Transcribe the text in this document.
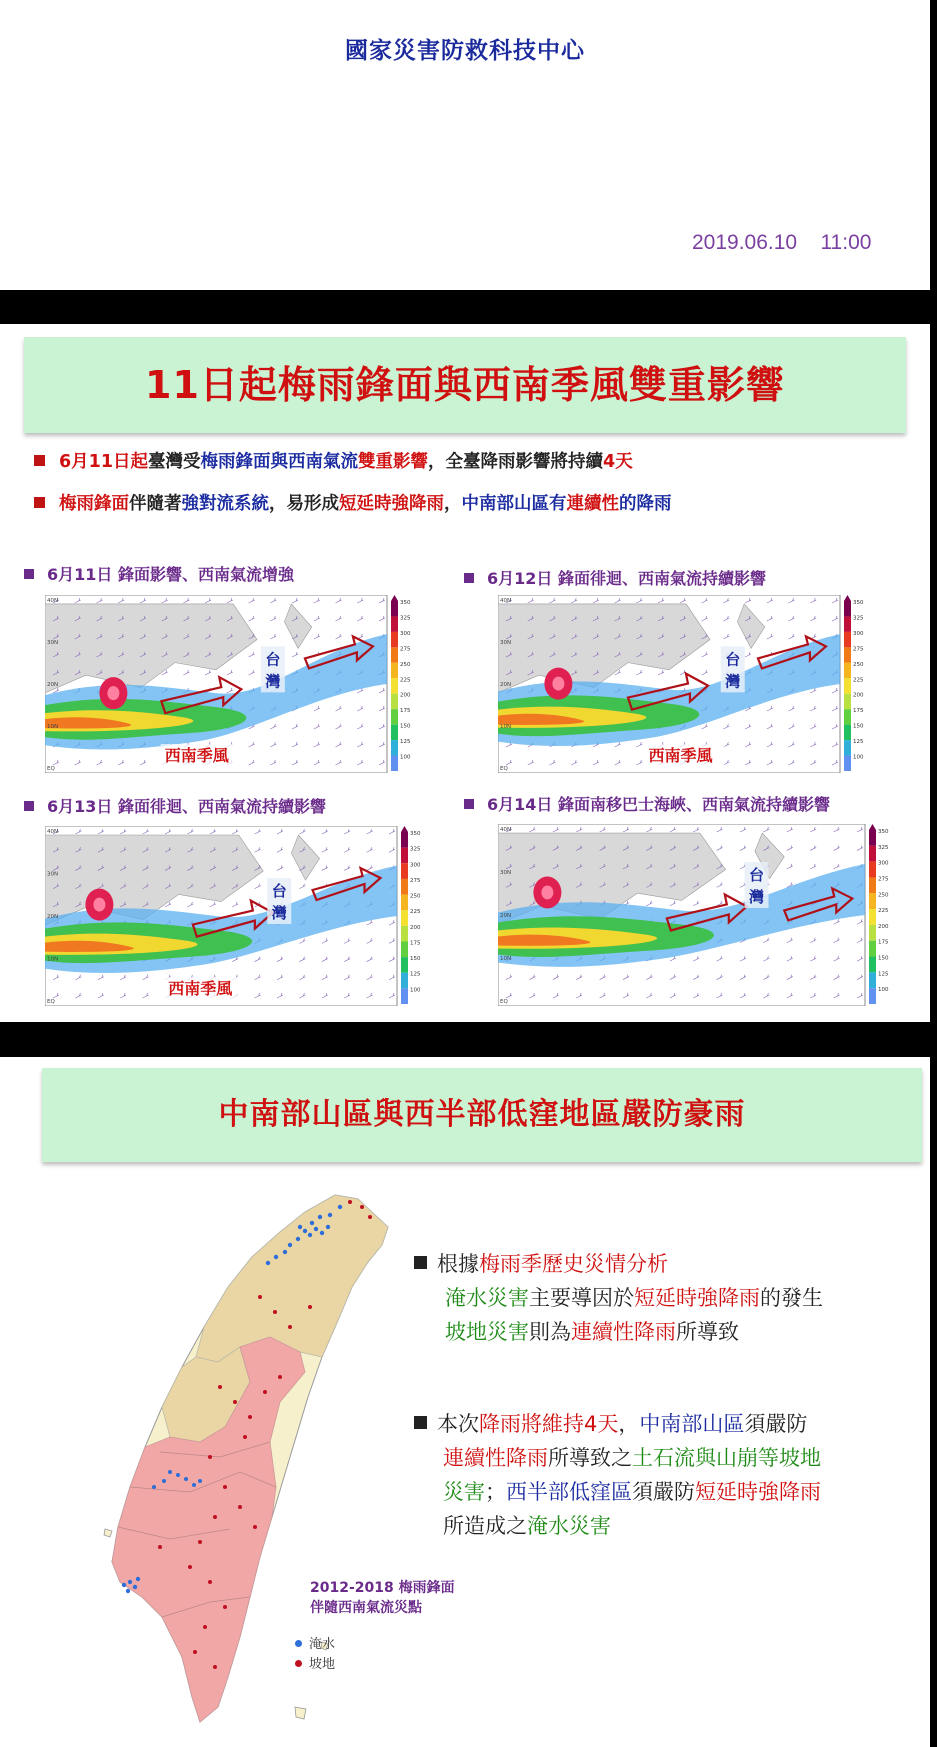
國家災害防救科技中心
2019.06.10    11:00
11日起梅雨鋒面與西南季風雙重影響
6月11日起臺灣受梅雨鋒面與西南氣流雙重影響，全臺降雨影響將持續4天
梅雨鋒面伴隨著強對流系統，易形成短延時強降雨，中南部山區有連續性的降雨
6月11日 鋒面影響、西南氣流增強	6月12日 鋒面徘迴、西南氣流持續影響
6月13日 鋒面徘迴、西南氣流持續影響	6月14日 鋒面南移巴士海峽、西南氣流持續影響
台
灣
西南季風
40N
30N
20N
10N
EQ
350
325
300
275
250
225
200
175
150
125
100
台
灣
西南季風
40N
30N
20N
10N
EQ
350
325
300
275
250
225
200
175
150
125
100
台
灣
西南季風
40N
30N
20N
10N
EQ
350
325
300
275
250
225
200
175
150
125
100
台
灣
40N
30N
20N
10N
EQ
350
325
300
275
250
225
200
175
150
125
100
中南部山區與西半部低窪地區嚴防豪雨
2012-2018 梅雨鋒面
伴隨西南氣流災點
淹水
坡地
根據梅雨季歷史災情分析
淹水災害主要導因於短延時強降雨的發生
坡地災害則為連續性降雨所導致
本次降雨將維持4天，中南部山區須嚴防
連續性降雨所導致之土石流與山崩等坡地
災害；西半部低窪區須嚴防短延時強降雨
所造成之淹水災害
